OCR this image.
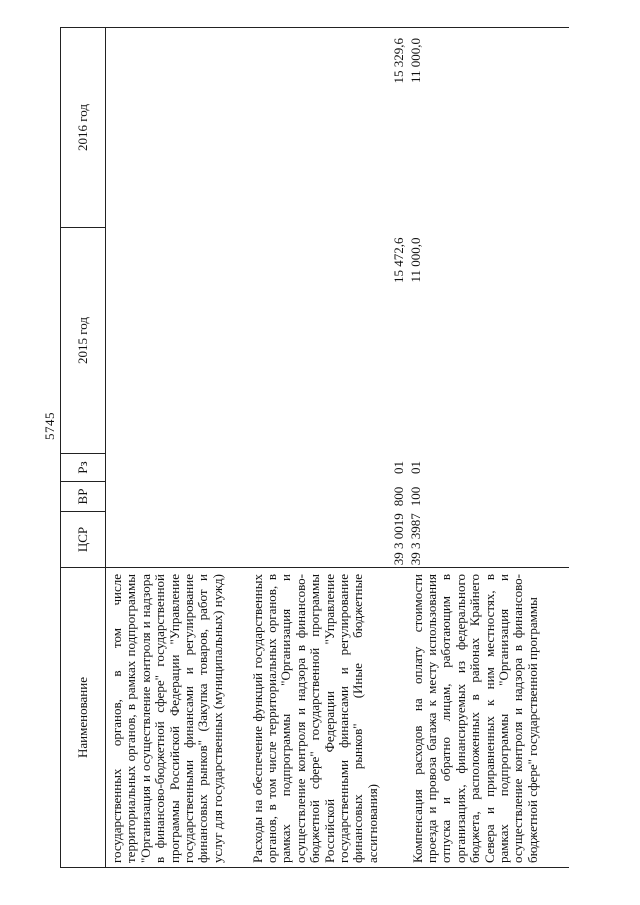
5745
Наименование	ЦСР	ВР	Рз	2015 год	2016 год
государственных органов, в том числе территориальных органов, в рамках подпрограммы "Организация и осуществление контроля и надзора в финансово-бюджетной сфере" государственной программы Российской Федерации "Управление государственными финансами и регулирование финансовых рынков" (Закупка товаров, работ и услуг для государственных (муниципальных) нужд)					
Расходы на обеспечение функций государственных органов, в том числе территориальных органов, в рамках подпрограммы "Организация и осуществление контроля и надзора в финансово-бюджетной сфере" государственной программы Российской Федерации "Управление государственными финансами и регулирование финансовых рынков" (Иные бюджетные ассигнования)	39 3 0019	800	01	15 472,6	15 329,6
Компенсация расходов на оплату стоимости проезда и провоза багажа к месту использования отпуска и обратно лицам, работающим в организациях, финансируемых из федерального бюджета, расположенных в районах Крайнего Севера и приравненных к ним местностях, в рамках подпрограммы "Организация и осуществление контроля и надзора в финансово-бюджетной сфере" государственной программы	39 3 3987	100	01	11 000,0	11 000,0
